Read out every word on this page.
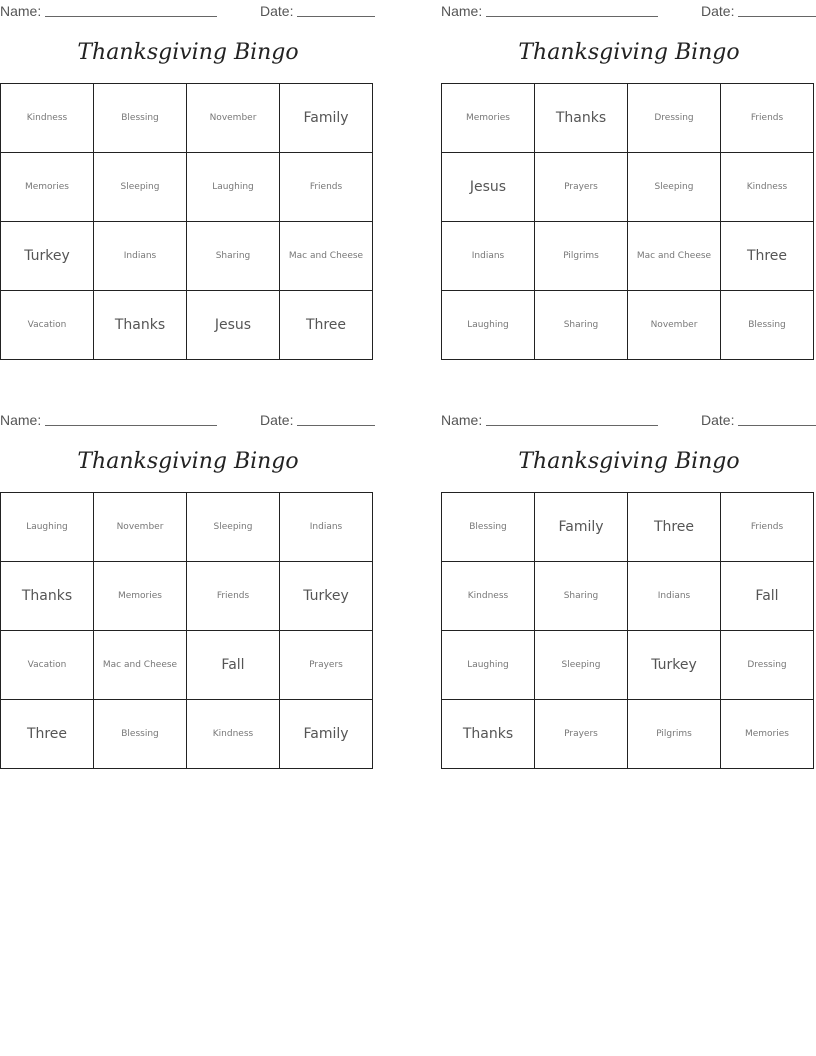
Name:	Date:
Thanksgiving Bingo
Kindness	Blessing	November	Family
Memories	Sleeping	Laughing	Friends
Turkey	Indians	Sharing	Mac and Cheese
Vacation	Thanks	Jesus	Three
Name:	Date:
Thanksgiving Bingo
Memories	Thanks	Dressing	Friends
Jesus	Prayers	Sleeping	Kindness
Indians	Pilgrims	Mac and Cheese	Three
Laughing	Sharing	November	Blessing
Name:	Date:
Thanksgiving Bingo
Laughing	November	Sleeping	Indians
Thanks	Memories	Friends	Turkey
Vacation	Mac and Cheese	Fall	Prayers
Three	Blessing	Kindness	Family
Name:	Date:
Thanksgiving Bingo
Blessing	Family	Three	Friends
Kindness	Sharing	Indians	Fall
Laughing	Sleeping	Turkey	Dressing
Thanks	Prayers	Pilgrims	Memories
